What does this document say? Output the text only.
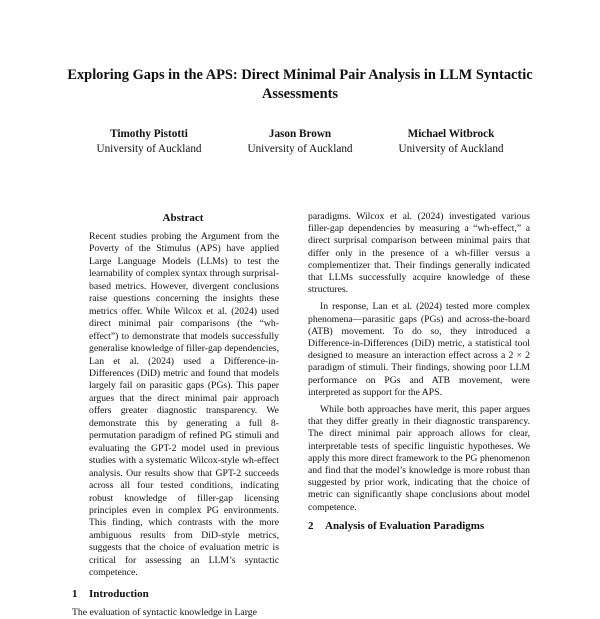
Exploring Gaps in the APS: Direct Minimal Pair Analysis in LLM Syntactic Assessments
Timothy Pistotti
University of Auckland
Jason Brown
University of Auckland
Michael Witbrock
University of Auckland
Abstract
Recent studies probing the Argument from the Poverty of the Stimulus (APS) have applied Large Language Models (LLMs) to test the learnability of complex syntax through surprisal-based metrics. However, divergent conclusions raise questions concerning the insights these metrics offer. While Wilcox et al. (2024) used direct minimal pair comparisons (the “wh-effect”) to demonstrate that models successfully generalise knowledge of filler-gap dependencies, Lan et al. (2024) used a Difference-in-Differences (DiD) metric and found that models largely fail on parasitic gaps (PGs). This paper argues that the direct minimal pair approach offers greater diagnostic transparency. We demonstrate this by generating a full 8-permutation paradigm of refined PG stimuli and evaluating the GPT-2 model used in previous studies with a systematic Wilcox-style wh-effect analysis. Our results show that GPT-2 succeeds across all four tested conditions, indicating robust knowledge of filler-gap licensing principles even in complex PG environments. This finding, which contrasts with the more ambiguous results from DiD-style metrics, suggests that the choice of evaluation metric is critical for assessing an LLM’s syntactic competence.
1 Introduction
The evaluation of syntactic knowledge in Large

paradigms. Wilcox et al. (2024) investigated various filler-gap dependencies by measuring a “wh-effect,” a direct surprisal comparison between minimal pairs that differ only in the presence of a wh-filler versus a complementizer that. Their findings generally indicated that LLMs successfully acquire knowledge of these structures.

In response, Lan et al. (2024) tested more complex phenomena—parasitic gaps (PGs) and across-the-board (ATB) movement. To do so, they introduced a Difference-in-Differences (DiD) metric, a statistical tool designed to measure an interaction effect across a 2 × 2 paradigm of stimuli. Their findings, showing poor LLM performance on PGs and ATB movement, were interpreted as support for the APS.

While both approaches have merit, this paper argues that they differ greatly in their diagnostic transparency. The direct minimal pair approach allows for clear, interpretable tests of specific linguistic hypotheses. We apply this more direct framework to the PG phenomenon and find that the model’s knowledge is more robust than suggested by prior work, indicating that the choice of metric can significantly shape conclusions about model competence.

2 Analysis of Evaluation Paradigms
